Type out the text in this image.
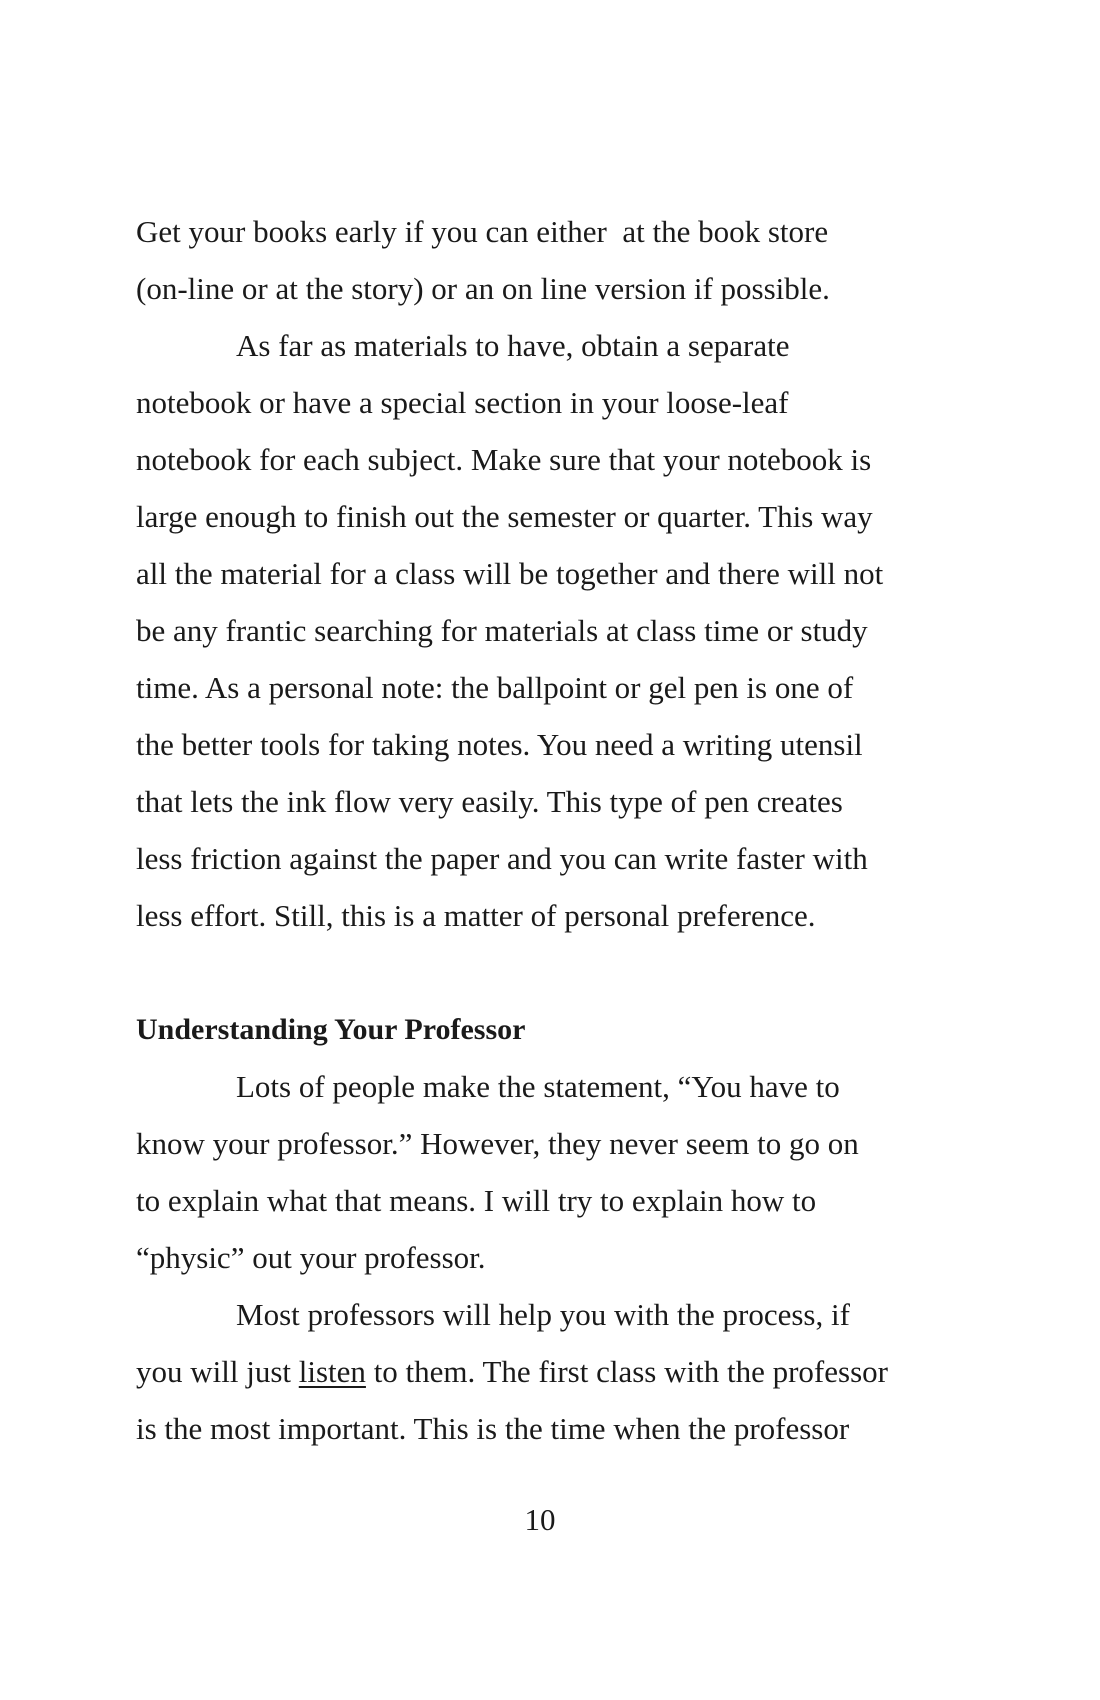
Get your books early if you can either  at the book store
(on-line or at the story) or an on line version if possible.
As far as materials to have, obtain a separate
notebook or have a special section in your loose-leaf
notebook for each subject. Make sure that your notebook is
large enough to finish out the semester or quarter. This way
all the material for a class will be together and there will not
be any frantic searching for materials at class time or study
time. As a personal note: the ballpoint or gel pen is one of
the better tools for taking notes. You need a writing utensil
that lets the ink flow very easily. This type of pen creates
less friction against the paper and you can write faster with
less effort. Still, this is a matter of personal preference.
Understanding Your Professor
Lots of people make the statement, “You have to
know your professor.” However, they never seem to go on
to explain what that means. I will try to explain how to
“physic” out your professor.
Most professors will help you with the process, if
you will just listen to them. The first class with the professor
is the most important. This is the time when the professor
10
